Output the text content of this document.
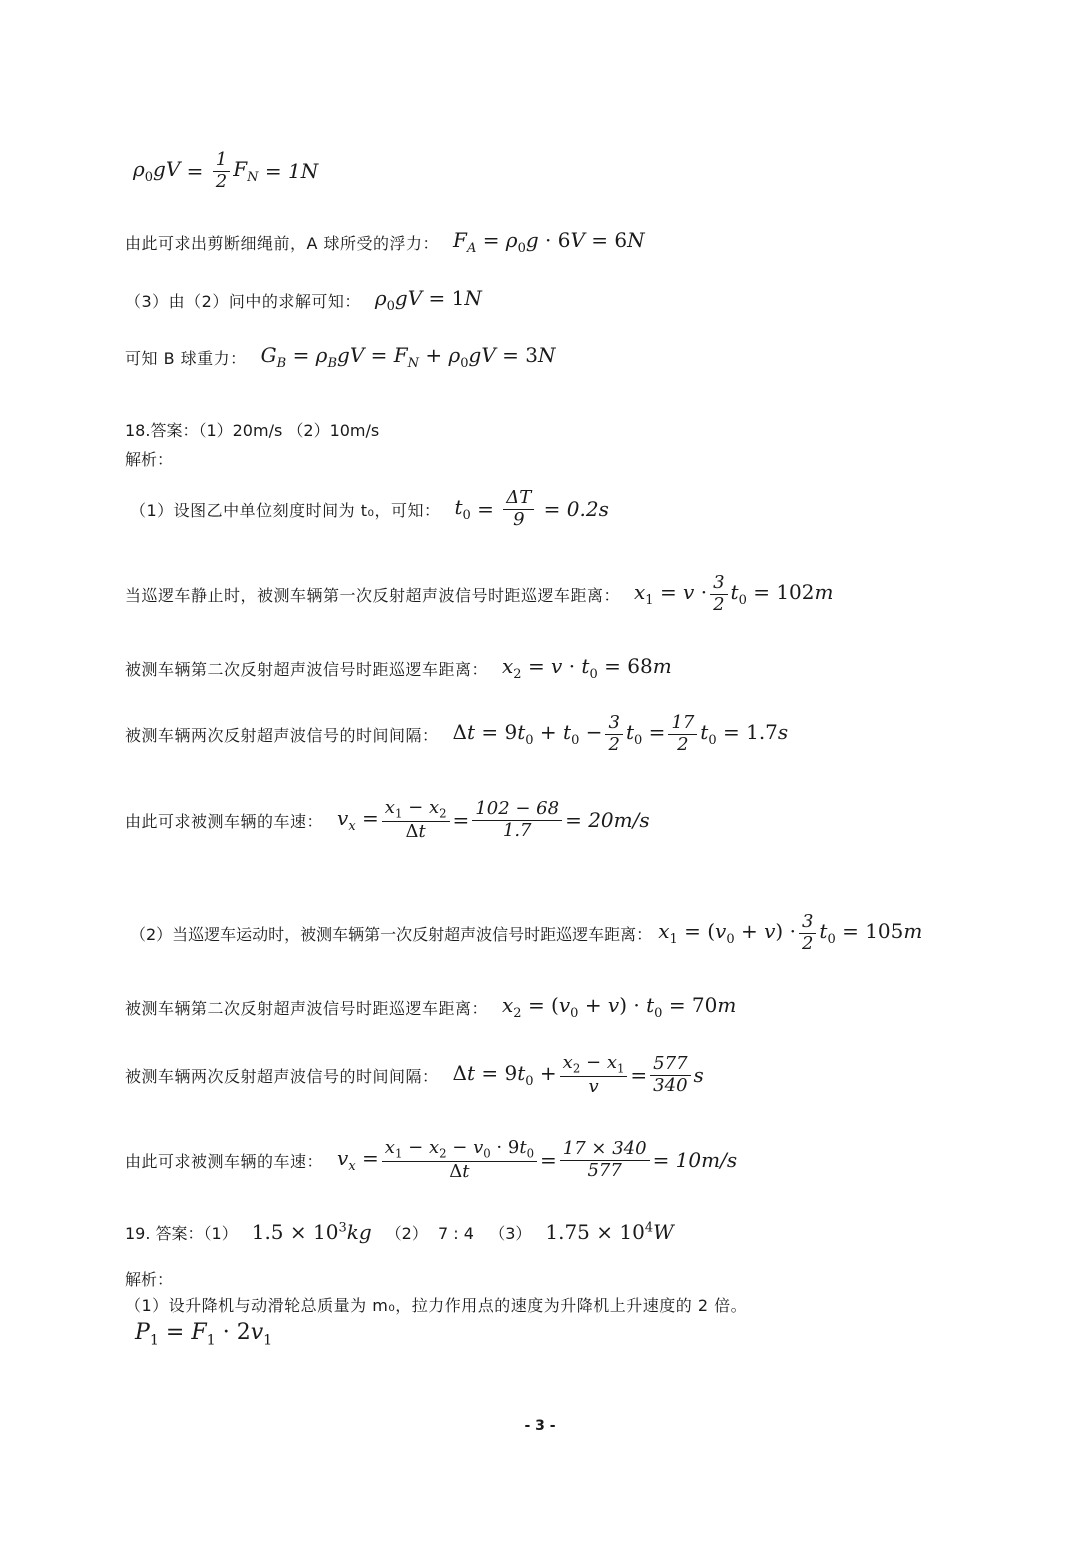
$\rho_0gV = \frac{1}{2} F_N = 1$ N
由此可求出剪断细绳前，A 球所受的浮力： $F_A = \rho_0g \cdot 6V = 6N$
（3）由（2）问中的求解可知： $\rho_0gV = 1N$
可知 B 球重力： $G_B = \rho_BgV = F_N + \rho_0gV = 3N$
18.答案：（1）20m/s （2）10m/s
解析：
（1）设图乙中单位刻度时间为 t₀，可知： $t_0 = \frac{\Delta T}{9} = 0.2$ s
当巡逻车静止时，被测车辆第一次反射超声波信号时距巡逻车距离： $x_1 = v \cdot \frac{3}{2} t_0 = 102m$
被测车辆第二次反射超声波信号时距巡逻车距离： $x_2 = v \cdot t_0 = 68m$
被测车辆两次反射超声波信号的时间间隔： $\Delta t = 9t_0 + t_0 - \frac{3}{2} t_0 = \frac{17}{2} t_0 = 1.7s$
由此可求被测车辆的车速： $v_x = \frac{x_1 - x_2}{\Delta t} = \frac{102 - 68}{1.7} = 20$ m/s
（2）当巡逻车运动时，被测车辆第一次反射超声波信号时距巡逻车距离： $x_1 = (v_0 + v) \cdot \frac{3}{2} t_0 = 105m$
被测车辆第二次反射超声波信号时距巡逻车距离： $x_2 = (v_0 + v) \cdot t_0 = 70m$
被测车辆两次反射超声波信号的时间间隔： $\Delta t = 9t_0 + \frac{x_2 - x_1}{v} = \frac{577}{340}$ s
由此可求被测车辆的车速： $v_x = \frac{x_1 - x_2 - v_0 \cdot 9t_0}{\Delta t} = \frac{17 \times 340}{577} = 10$ m/s
19. 答案：（1） $1.5 \times 10^3kg$ （2）  7 : 4   （3） $1.75 \times 10^4W$
解析：
（1）设升降机与动滑轮总质量为 m₀，拉力作用点的速度为升降机上升速度的 2 倍。
$P_1 = F_1 \cdot 2v_1$
- 3 -
